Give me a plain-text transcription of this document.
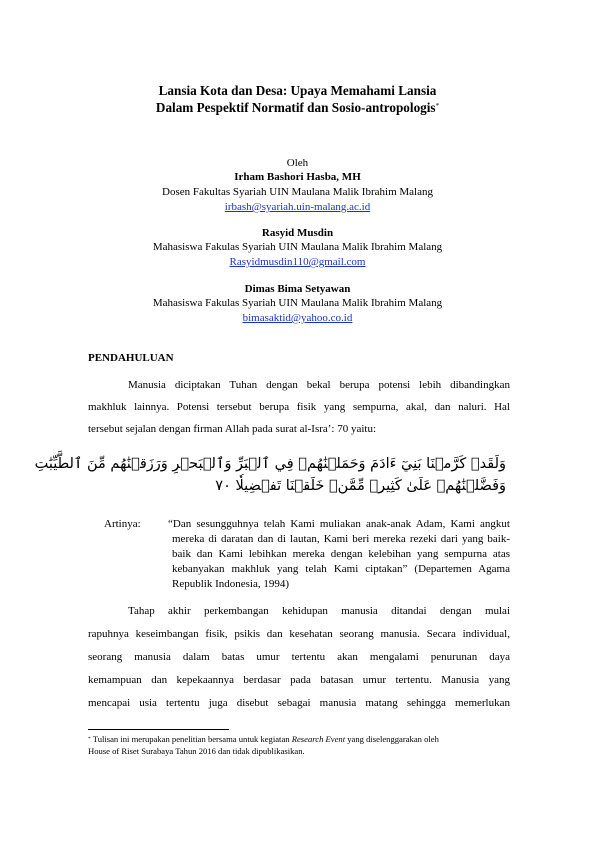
Lansia Kota dan Desa: Upaya Memahami Lansia
Dalam Pespektif Normatif dan Sosio-antropologis*
Oleh
Irham Bashori Hasba, MH
Dosen Fakultas Syariah UIN Maulana Malik Ibrahim Malang
irbash@syariah.uin-malang.ac.id
Rasyid Musdin
Mahasiswa Fakulas Syariah UIN Maulana Malik Ibrahim Malang
Rasyidmusdin110@gmail.com
Dimas Bima Setyawan
Mahasiswa Fakulas Syariah UIN Maulana Malik Ibrahim Malang
bimasaktid@yahoo.co.id
PENDAHULUAN
Manusia diciptakan Tuhan dengan bekal berupa potensi lebih dibandingkan
makhluk lainnya. Potensi tersebut berupa fisik yang sempurna, akal, dan naluri. Hal
tersebut sejalan dengan firman Allah pada surat al-Isra’: 70 yaitu:
وَلَقَدۡ كَرَّمۡنَا بَنِيٓ ءَادَمَ وَحَمَلۡنَٰهُمۡ فِي ٱلۡبَرِّ وَٱلۡبَحۡرِ وَرَزَقۡنَٰهُم مِّنَ ٱلطَّيِّبَٰتِ
وَفَضَّلۡنَٰهُمۡ عَلَىٰ كَثِيرٖ مِّمَّنۡ خَلَقۡنَا تَفۡضِيلٗا ٧٠
Artinya: “Dan sesungguhnya telah Kami muliakan anak-anak Adam, Kami angkut
mereka di daratan dan di lautan, Kami beri mereka rezeki dari yang baik-
baik dan Kami lebihkan mereka dengan kelebihan yang sempurna atas
kebanyakan makhluk yang telah Kami ciptakan” (Departemen Agama
Republik Indonesia, 1994)
Tahap akhir perkembangan kehidupan manusia ditandai dengan mulai
rapuhnya keseimbangan fisik, psikis dan kesehatan seorang manusia. Secara individual,
seorang manusia dalam batas umur tertentu akan mengalami penurunan daya
kemampuan dan kepekaannya berdasar pada batasan umur tertentu. Manusia yang
mencapai usia tertentu juga disebut sebagai manusia matang sehingga memerlukan
* Tulisan ini merupakan penelitian bersama untuk kegiatan Research Event yang diselenggarakan oleh
House of Riset Surabaya Tahun 2016 dan tidak dipublikasikan.
